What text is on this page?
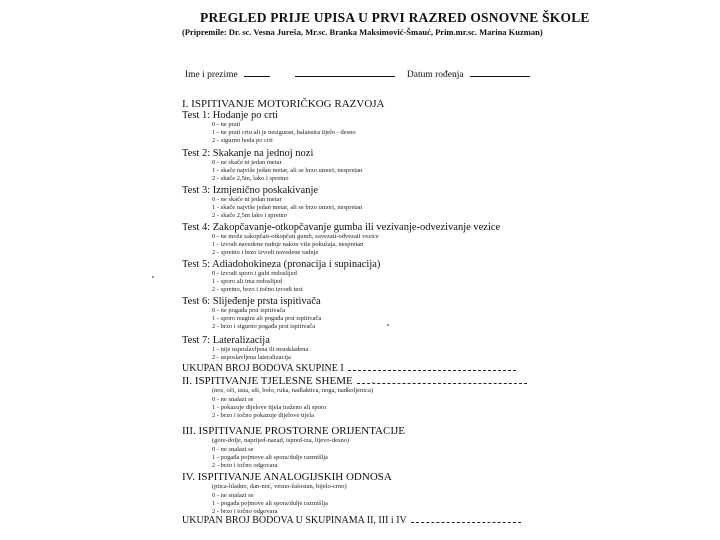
PREGLED PRIJE UPISA U PRVI RAZRED OSNOVNE ŠKOLE
(Pripremile: Dr. sc. Vesna Jureša, Mr.sc. Branka Maksimović-Šmauć, Prim.mr.sc. Marina Kuzman)
Ime i prezime	Datum rođenja
I. ISPITIVANJE MOTORIČKOG RAZVOJA
Test 1: Hodanje po crti
0 - ne prati
1 - ne prati crtu ali je nesiguran, balansira tijelo - desno
2 - sigurno hoda po crti
Test 2: Skakanje na jednoj nozi
0 - ne skače ni jedan metar
1 - skače najviše jedan metar, ali se brzo umori, nespretan
2 - skače 2,5m, lako i spretno
Test 3: Izmjenično poskakivanje
0 - ne skače ni jedan metar
1 - skače najviše jedan metar, ali se brzo umori, nespretan
2 - skače 2,5m lako i spretno
Test 4: Zakopčavanje-otkopčavanje gumba ili vezivanje-odvezivanje vezice
0 - ne može zakopčati-otkopčati gumb, zavezati-odvezati vezice
1 - izvodi navedene radnje nakon više pokušaja, nespretan
2 - spretno i brzo izvodi navedene radnje
Test 5: Adiadohokineza (pronacija i supinacija)
0 - izvodi sporo i gubi redoslijed
1 - sporo ali ima redoslijed
2 - spretno, brzo i točno izvodi test
Test 6: Slijeđenje prsta ispitivača
0 - ne pogađa prst ispitivača
1 - sporo reagira ali pogađa prst ispitivača
2 - brzo i sigurno pogađa prst ispitivača
Test 7: Lateralizacija
1 - nije usposlavljena ili neuskladena
2 - usposlavljena lateralizacija
UKUPAN BROJ BODOVA SKUPINE I
II. ISPITIVANJE TJELESNE SHEME
(nos, oči, usta, uši, bolo, ruka, nadlaktica, noga, nadkoljenica)
0 - ne snalazi se
1 - pokazuje dijelove tijela traženo ali sporo
2 - brzo i točno pokazuje dijelove tijela
III. ISPITIVANJE PROSTORNE ORIJENTACIJE
(gore-dolje, naprijed-nazad, ispred-iza, lijevo-desno)
0 - ne snalazi se
1 - pogađa pojmove ali spora/dulje razmišlja
2 - brzo i točno odgovara
IV. ISPITIVANJE ANALOGIJSKIH ODNOSA
(ptica-hladno, dan-noć, vesno-žalostan, bijelo-crno)
0 - ne snalazi se
1 - pogađa pojmove ali spora/dulje razmišlja
2 - brzo i točno odgovara
UKUPAN BROJ BODOVA U SKUPINAMA II, III i IV
